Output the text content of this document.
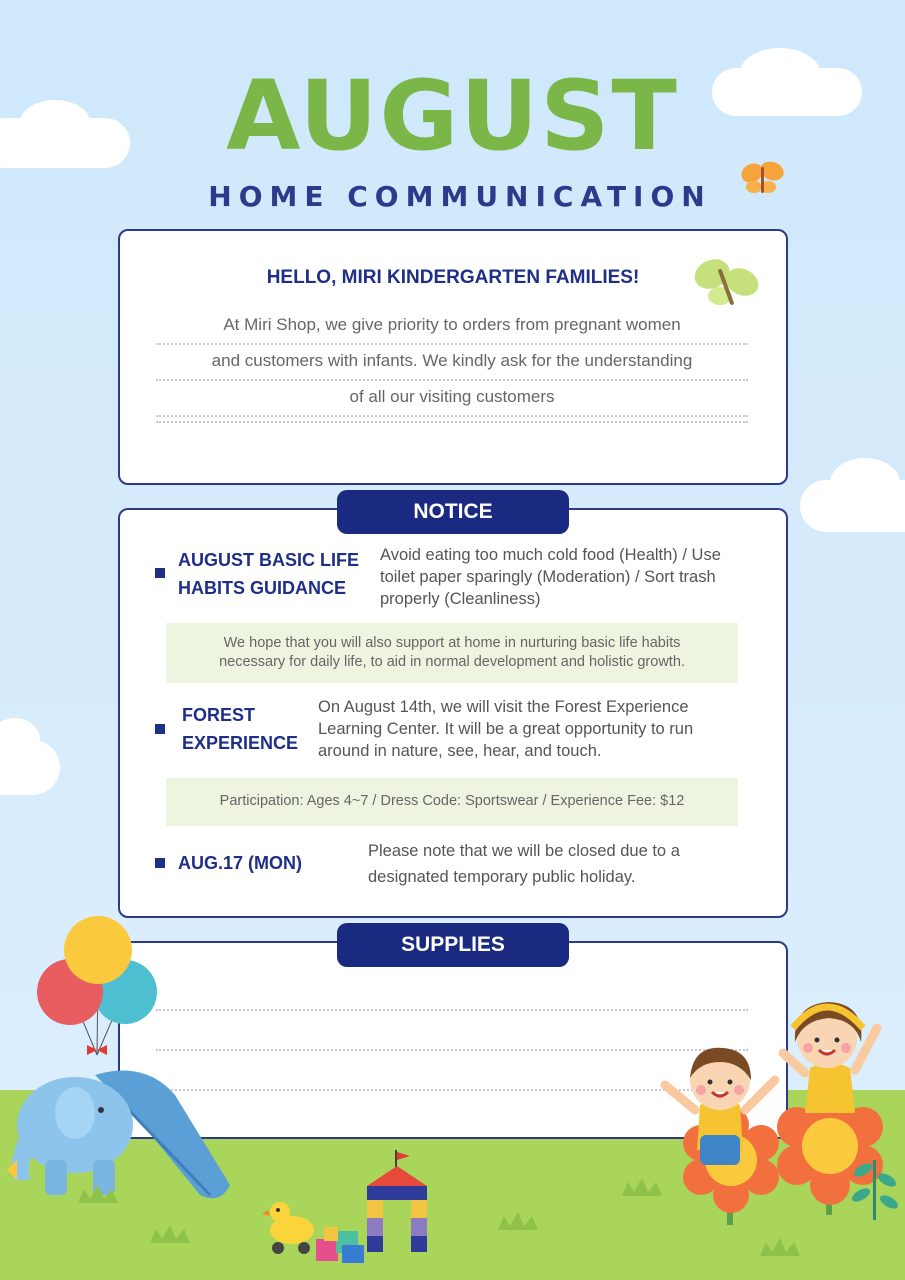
AUGUST
HOME COMMUNICATION
HELLO, MIRI KINDERGARTEN FAMILIES!
At Miri Shop, we give priority to orders from pregnant women
and customers with infants. We kindly ask for the understanding
of all our visiting customers
AUGUST BASIC LIFE
HABITS GUIDANCE
Avoid eating too much cold food (Health) / Use
toilet paper sparingly (Moderation) / Sort trash
properly (Cleanliness)
We hope that you will also support at home in nurturing basic life habits
necessary for daily life, to aid in normal development and holistic growth.
FOREST
EXPERIENCE
On August 14th, we will visit the Forest Experience
Learning Center. It will be a great opportunity to run
around in nature, see, hear, and touch.
Participation: Ages 4~7 / Dress Code: Sportswear / Experience Fee: $12
AUG.17 (MON)
Please note that we will be closed due to a
designated temporary public holiday.
NOTICE
SUPPLIES
